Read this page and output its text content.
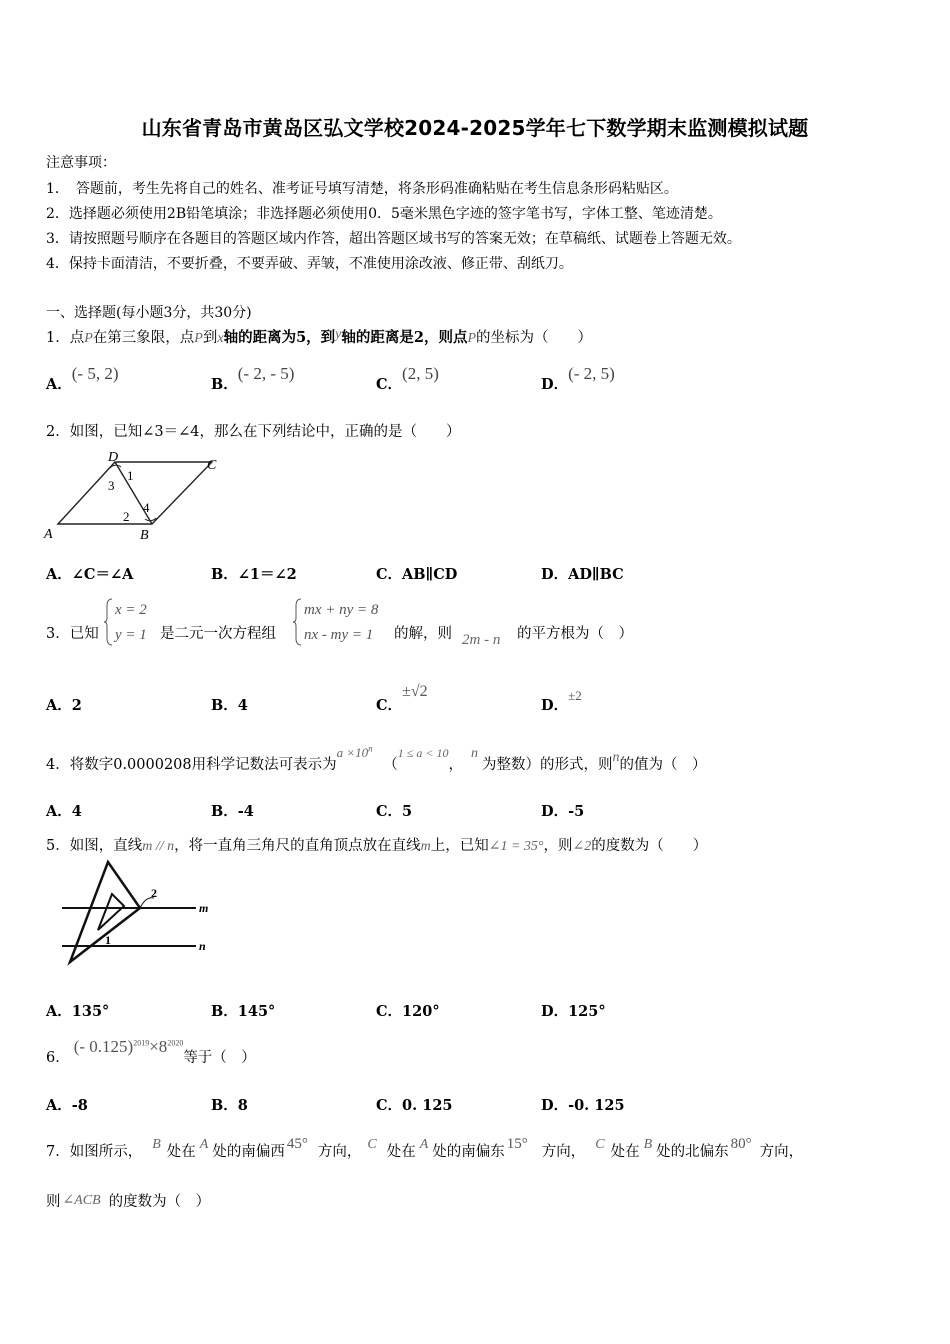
山东省青岛市黄岛区弘文学校2024-2025学年七下数学期末监测模拟试题
注意事项：
1．　答题前，考生先将自己的姓名、准考证号填写清楚，将条形码准确粘贴在考生信息条形码粘贴区。
2．选择题必须使用2B铅笔填涂；非选择题必须使用0．5毫米黑色字迹的签字笔书写，字体工整、笔迹清楚。
3．请按照题号顺序在各题目的答题区域内作答，超出答题区域书写的答案无效；在草稿纸、试题卷上答题无效。
4．保持卡面清洁，不要折叠，不要弄破、弄皱，不准使用涂改液、修正带、刮纸刀。
一、选择题(每小题3分，共30分)
1．点P在第三象限，点P到x轴的距离为5，到y轴的距离是2，则点P的坐标为（　　）
A．(- 5, 2)
B．(- 2, - 5)
C．(2, 5)
D．(- 2, 5)
2．如图，已知∠3＝∠4，那么在下列结论中，正确的是（　　）
D
C
A	B
1
3
2
4
A．∠C＝∠A	B．∠1＝∠2	C．AB∥CD	D．AD∥BC
3．已知
x = 2
y = 1 是二元一次方程组
mx + ny = 8
nx - my = 1 的解，则 2m - n 的平方根为（　）
A．2	B．4	C．±√2
D．±2
4．将数字0.0000208用科学记数法可表示为$a \times 10^n$ （$^{1 \le a < 10}$，n为整数）的形式，则n的值为（　）
A．4	B．-4	C．5	D．-5
5．如图，直线m // n，将一直角三角尺的直角顶点放在直线m上，已知∠1 = 35°，则∠2的度数为（　　）
2
1
m
n
A．135°	B．145°	C．120°	D．125°
6．(- $0.125)^{2019}\times 8^{2020}$等于（　）
A．-8	B．8	C．0. 125	D．-0. 125
7．如图所示， B 处在 A 处的南偏西 45° 方向， C 处在 A 处的南偏东 15° 方向， C 处在 B 处的北偏东 80° 方向，
则 ∠ACB 的度数为（　）
